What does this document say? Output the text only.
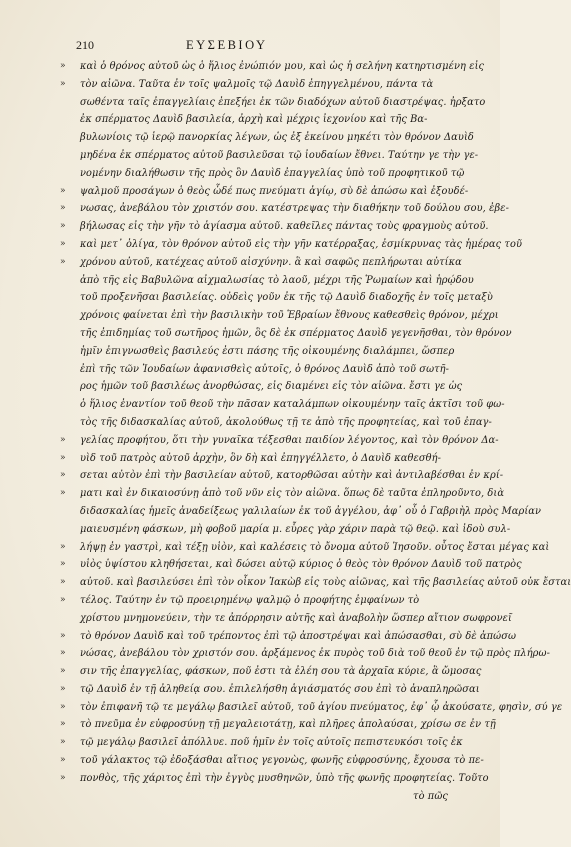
210	ΕΥΣΕΒΙΟΥ
»	καὶ ὁ θρόνος αὐτοῦ ὡς ὁ ἥλιος ἐνώπιόν μου, καὶ ὡς ἡ σελήνη κατηρτισμένη εἰς
»	τὸν αἰῶνα. Ταῦτα ἐν τοῖς ψαλμοῖς τῷ Δαυὶδ ἐπηγγελμένου, πάντα τὰ
σωθέντα ταῖς ἐπαγγελίαις ἐπεξήει ἐκ τῶν διαδόχων αὐτοῦ διαστρέψας. ἠρξατο
ἐκ σπέρματος Δαυὶδ βασιλεία, ἀρχὴ καὶ μέχρις ἰεχονίου καὶ τῆς Βα-
βυλωνίοις τῷ ἱερῷ πανορκίας λέγων, ὡς ἐξ ἐκείνου μηκέτι τὸν θρόνον Δαυὶδ
μηδένα ἐκ σπέρματος αὐτοῦ βασιλεῦσαι τῷ ἰουδαίων ἔθνει. Ταύτην γε τὴν γε-
νομένην διαλήθωσιν τῆς πρὸς ὃν Δαυὶδ ἐπαγγελίας ὑπὸ τοῦ προφητικοῦ τῷ
»	ψαλμοῦ προσάγων ὁ θεὸς ὧδέ πως πνεύματι ἁγίῳ, σὺ δὲ ἀπώσω καὶ ἐξουδέ-
»	νωσας, ἀνεβάλου τὸν χριστόν σου. κατέστρεψας τὴν διαθήκην τοῦ δούλου σου, ἐβε-
»	βήλωσας εἰς τὴν γῆν τὸ ἁγίασμα αὐτοῦ. καθεῖλες πάντας τοὺς φραγμοὺς αὐτοῦ.
»	καὶ μετ᾽ ὀλίγα, τὸν θρόνον αὐτοῦ εἰς τὴν γῆν κατέρραξας, ἐσμίκρυνας τὰς ἡμέρας τοῦ
»	χρόνου αὐτοῦ, κατέχεας αὐτοῦ αἰσχύνην. ἃ καὶ σαφῶς πεπλήρωται αὐτίκα
ἀπὸ τῆς εἰς Βαβυλῶνα αἰχμαλωσίας τὸ λαοῦ, μέχρι τῆς Ῥωμαίων καὶ ἡρῴδου
τοῦ προξενῆσαι βασιλείας. οὐδεὶς γοῦν ἐκ τῆς τῷ Δαυὶδ διαδοχῆς ἐν τοῖς μεταξὺ
χρόνοις φαίνεται ἐπὶ τὴν βασιλικὴν τοῦ Ἑβραίων ἔθνους καθεσθεὶς θρόνον, μέχρι
τῆς ἐπιδημίας τοῦ σωτῆρος ἡμῶν, ὃς δὲ ἐκ σπέρματος Δαυὶδ γεγενῆσθαι, τὸν θρόνον
ἡμῖν ἐπιγνωσθεὶς βασιλεύς ἐστι πάσης τῆς οἰκουμένης διαλάμπει, ὥσπερ
ἐπὶ τῆς τῶν Ἰουδαίων ἀφανισθεὶς αὐτοῖς, ὁ θρόνος Δαυὶδ ἀπὸ τοῦ σωτῆ-
ρος ἡμῶν τοῦ βασιλέως ἀνορθώσας, εἰς διαμένει εἰς τὸν αἰῶνα. ἔστι γε ὡς
ὁ ἥλιος ἐναντίον τοῦ θεοῦ τὴν πᾶσαν καταλάμπων οἰκουμένην ταῖς ἀκτῖσι τοῦ φω-
τὸς τῆς διδασκαλίας αὐτοῦ, ἀκολούθως τῇ τε ἀπὸ τῆς προφητείας, καὶ τοῦ ἐπαγ-
»	γελίας προφήτου, ὅτι τὴν γυναῖκα τέξεσθαι παιδίον λέγοντος, καὶ τὸν θρόνον Δα-
»	υὶδ τοῦ πατρὸς αὐτοῦ ἀρχὴν, ὃν δὴ καὶ ἐπηγγέλλετο, ὁ Δαυὶδ καθεσθή-
»	σεται αὐτὸν ἐπὶ τὴν βασιλείαν αὐτοῦ, κατορθῶσαι αὐτὴν καὶ ἀντιλαβέσθαι ἐν κρί-
»	ματι καὶ ἐν δικαιοσύνῃ ἀπὸ τοῦ νῦν εἰς τὸν αἰῶνα. ὅπως δὲ ταῦτα ἐπληροῦντο, διὰ
διδασκαλίας ἡμεῖς ἀναδείξεως γαλιλαίων ἐκ τοῦ ἀγγέλου, ἀφ᾽ οὗ ὁ Γαβριὴλ πρὸς Μαρίαν
μαιευσμένη φάσκων, μὴ φοβοῦ μαρία μ. εὗρες γὰρ χάριν παρὰ τῷ θεῷ. καὶ ἰδοὺ συλ-
»	λήψῃ ἐν γαστρὶ, καὶ τέξῃ υἱὸν, καὶ καλέσεις τὸ ὄνομα αὐτοῦ Ἰησοῦν. οὗτος ἔσται μέγας καὶ
»	υἱὸς ὑψίστου κληθήσεται, καὶ δώσει αὐτῷ κύριος ὁ θεὸς τὸν θρόνον Δαυὶδ τοῦ πατρὸς
»	αὐτοῦ. καὶ βασιλεύσει ἐπὶ τὸν οἶκον Ἰακὼβ εἰς τοὺς αἰῶνας, καὶ τῆς βασιλείας αὐτοῦ οὐκ ἔσται
»	τέλος. Ταύτην ἐν τῷ προειρημένῳ ψαλμῷ ὁ προφήτης ἐμφαίνων τὸ
χρίστου μνημονεύειν, τὴν τε ἀπόρρησιν αὐτῆς καὶ ἀναβολὴν ὥσπερ αἴτιον σωφρονεῖ
»	τὸ θρόνον Δαυὶδ καὶ τοῦ τρέποντος ἐπὶ τῷ ἀποστρέψαι καὶ ἀπώσασθαι, σὺ δὲ ἀπώσω
»	νώσας, ἀνεβάλου τὸν χριστόν σου. ἀρξάμενος ἐκ πυρὸς τοῦ διὰ τοῦ θεοῦ ἐν τῷ πρὸς πλήρω-
»	σιν τῆς ἐπαγγελίας, φάσκων, ποῦ ἐστι τὰ ἐλέη σου τὰ ἀρχαῖα κύριε, ἃ ὤμοσας
»	τῷ Δαυὶδ ἐν τῇ ἀληθείᾳ σου. ἐπιλελήσθη ἁγιάσματός σου ἐπὶ τὸ ἀναπληρῶσαι
»	τὸν ἐπιφανῆ τῷ τε μεγάλῳ βασιλεῖ αὐτοῦ, τοῦ ἁγίου πνεύματος, ἐφ᾽ ᾧ ἀκούσατε, φησὶν, σύ γε
»	τὸ πνεῦμα ἐν εὐφροσύνῃ τῇ μεγαλειοτάτῃ, καὶ πλῆρες ἀπολαύσαι, χρίσω σε ἐν τῇ
»	τῷ μεγάλῳ βασιλεῖ ἀπόλλυε. ποῦ ἡμῖν ἐν τοῖς αὐτοῖς πεπιστευκόσι τοῖς ἐκ
»	τοῦ γάλακτος τῷ ἐδοξάσθαι αἴτιος γεγονὼς, φωνῆς εὐφροσύνης, ἔχουσα τὸ πε-
»	πονθὸς, τῆς χάριτος ἐπὶ τὴν ἐγγὺς μυσθηνῶν, ὑπὸ τῆς φωνῆς προφητείας. Τοῦτο
τὸ πῶς
